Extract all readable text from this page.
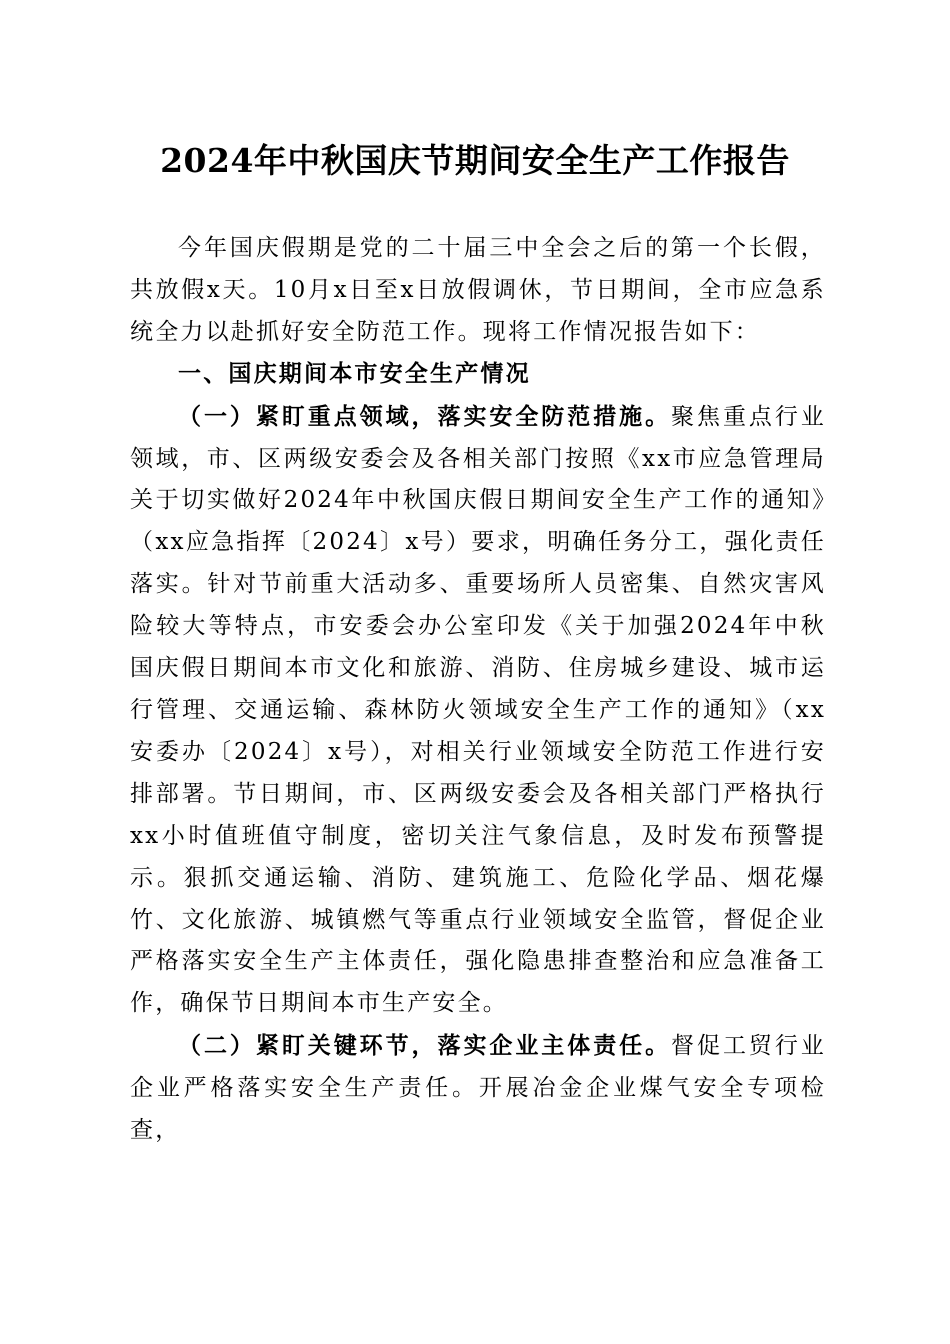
2024年中秋国庆节期间安全生产工作报告

今年国庆假期是党的二十届三中全会之后的第一个长假，共放假x天。10月x日至x日放假调休，节日期间，全市应急系统全力以赴抓好安全防范工作。现将工作情况报告如下：

一、国庆期间本市安全生产情况

（一）紧盯重点领域，落实安全防范措施。聚焦重点行业领域，市、区两级安委会及各相关部门按照《xx市应急管理局关于切实做好2024年中秋国庆假日期间安全生产工作的通知》（xx应急指挥〔2024〕x号）要求，明确任务分工，强化责任落实。针对节前重大活动多、重要场所人员密集、自然灾害风险较大等特点，市安委会办公室印发《关于加强2024年中秋国庆假日期间本市文化和旅游、消防、住房城乡建设、城市运行管理、交通运输、森林防火领域安全生产工作的通知》（xx安委办〔2024〕x号），对相关行业领域安全防范工作进行安排部署。节日期间，市、区两级安委会及各相关部门严格执行xx小时值班值守制度，密切关注气象信息，及时发布预警提示。狠抓交通运输、消防、建筑施工、危险化学品、烟花爆竹、文化旅游、城镇燃气等重点行业领域安全监管，督促企业严格落实安全生产主体责任，强化隐患排查整治和应急准备工作，确保节日期间本市生产安全。

（二）紧盯关键环节，落实企业主体责任。督促工贸行业企业严格落实安全生产责任。开展冶金企业煤气安全专项检查，
